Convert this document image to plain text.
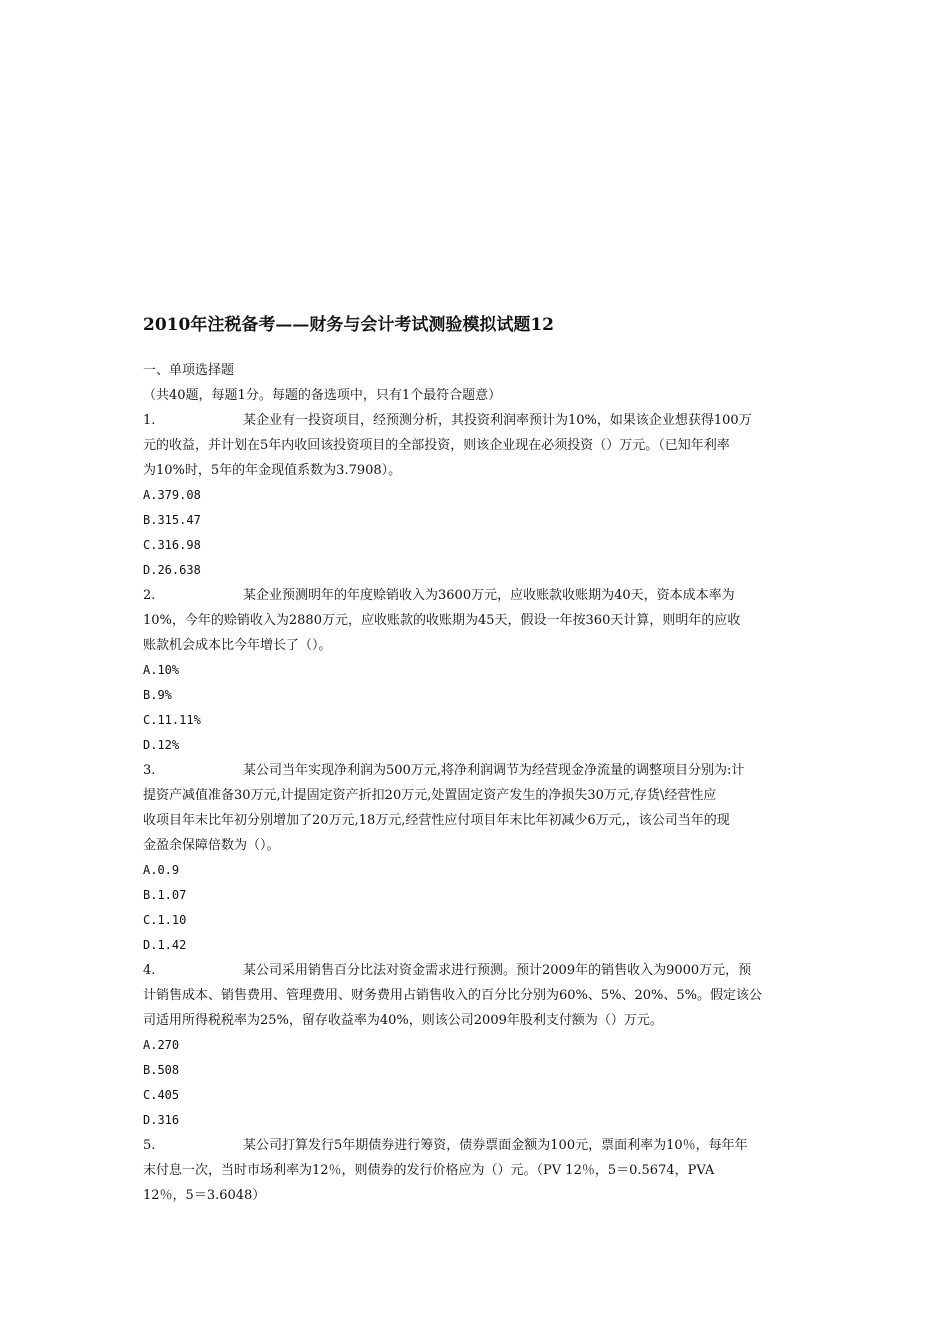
2010年注税备考——财务与会计考试测验模拟试题12
一、单项选择题
（共40题，每题1分。每题的备选项中，只有1个最符合题意）
1.	某企业有一投资项目，经预测分析，其投资利润率预计为10%，如果该企业想获得100万
元的收益，并计划在5年内收回该投资项目的全部投资，则该企业现在必须投资（）万元。（已知年利率
为10%时，5年的年金现值系数为3.7908）。
A.379.08
B.315.47
C.316.98
D.26.638
2.	某企业预测明年的年度赊销收入为3600万元，应收账款收账期为40天，资本成本率为
10%，今年的赊销收入为2880万元，应收账款的收账期为45天，假设一年按360天计算，则明年的应收
账款机会成本比今年增长了（）。
A.10%
B.9%
C.11.11%
D.12%
3.	某公司当年实现净利润为500万元,将净利润调节为经营现金净流量的调整项目分别为:计
提资产减值准备30万元,计提固定资产折扣20万元,处置固定资产发生的净损失30万元,存货\经营性应
收项目年末比年初分别增加了20万元,18万元,经营性应付项目年末比年初减少6万元,，该公司当年的现
金盈余保障倍数为（）。
A.0.9
B.1.07
C.1.10
D.1.42
4.	某公司采用销售百分比法对资金需求进行预测。预计2009年的销售收入为9000万元，预
计销售成本、销售费用、管理费用、财务费用占销售收入的百分比分别为60%、5%、20%、5%。假定该公
司适用所得税税率为25%，留存收益率为40%，则该公司2009年股利支付额为（）万元。
A.270
B.508
C.405
D.316
5.	某公司打算发行5年期债券进行筹资，债券票面金额为100元，票面利率为10％，每年年
末付息一次，当时市场利率为12％，则债券的发行价格应为（）元。（PV 12％，5＝0.5674，PVA
12％，5＝3.6048）
